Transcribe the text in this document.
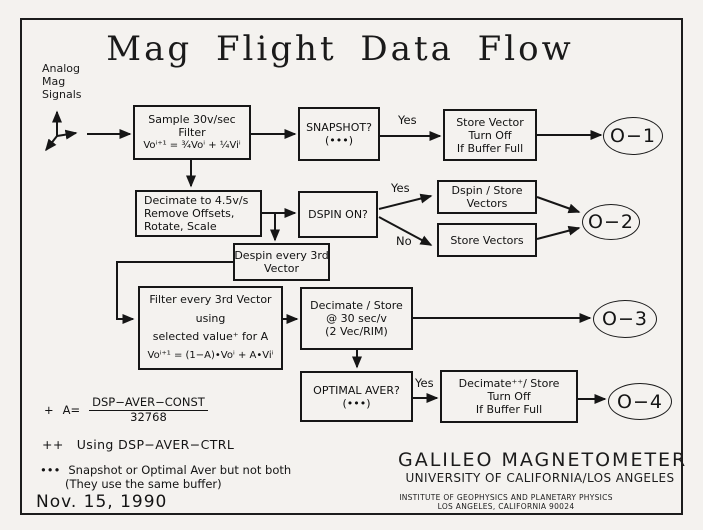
Mag Flight Data Flow
Analog
Mag
Signals
Sample 30v/sec
Filter
Voⁱ⁺¹ = ¾Voⁱ + ¼Viⁱ
SNAPSHOT?
(•••)
Yes	Store Vector
Turn Off
If Buffer Full
O−1
Decimate to 4.5v/s
Remove Offsets,
Rotate, Scale
DSPIN ON?
Yes
No
Dspin / Store
Vectors
Store Vectors
O−2
Despin every 3rd
Vector
Filter every 3rd Vector
using
selected value⁺ for A
Voⁱ⁺¹ = (1−A)•Voⁱ + A•Viⁱ
Decimate / Store
@ 30 sec/v
(2 Vec/RIM)
O−3
OPTIMAL AVER?
(•••)
Yes Decimate⁺⁺/ Store
Turn Off
If Buffer Full	O−4
+ $A= \frac{\text{DSP−AVER−CONST}}{32768}$
++ Using DSP−AVER−CTRL
••• Snapshot or Optimal Aver but not both
(They use the same buffer)
Nov. 15, 1990
GALILEO MAGNETOMETER
UNIVERSITY OF CALIFORNIA/LOS ANGELES
INSTITUTE OF GEOPHYSICS AND PLANETARY PHYSICS
LOS ANGELES, CALIFORNIA 90024
